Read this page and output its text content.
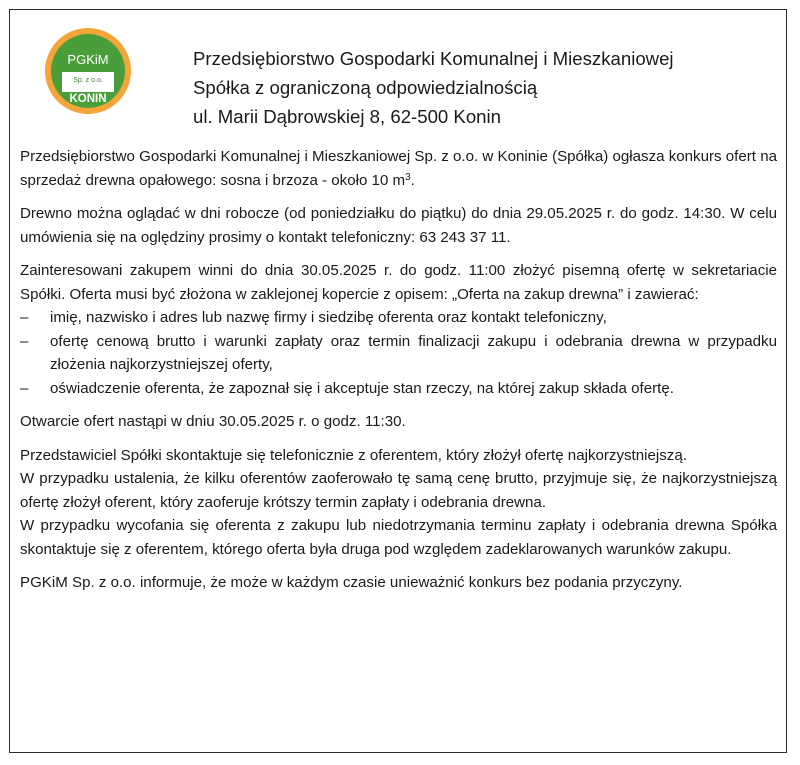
PGKiM
Sp. z o.o.
KONIN
Przedsiębiorstwo Gospodarki Komunalnej i Mieszkaniowej
Spółka z ograniczoną odpowiedzialnością
ul. Marii Dąbrowskiej 8, 62-500 Konin

Przedsiębiorstwo Gospodarki Komunalnej i Mieszkaniowej Sp. z o.o. w Koninie (Spółka) ogłasza konkurs ofert na sprzedaż drewna opałowego: sosna i brzoza - około 10 $m^3$.

Drewno można oglądać w dni robocze (od poniedziałku do piątku) do dnia 29.05.2025 r. do godz. 14:30. W celu umówienia się na oględziny prosimy o kontakt telefoniczny: 63 243 37 11.

Zainteresowani zakupem winni do dnia 30.05.2025 r. do godz. 11:00 złożyć pisemną ofertę w sekretariacie Spółki. Oferta musi być złożona w zaklejonej kopercie z opisem: „Oferta na zakup drewna” i zawierać:

– imię, nazwisko i adres lub nazwę firmy i siedzibę oferenta oraz kontakt telefoniczny,
– ofertę cenową brutto i warunki zapłaty oraz termin finalizacji zakupu i odebrania drewna w przypadku złożenia najkorzystniejszej oferty,
– oświadczenie oferenta, że zapoznał się i akceptuje stan rzeczy, na której zakup składa ofertę.

Otwarcie ofert nastąpi w dniu 30.05.2025 r. o godz. 11:30.

Przedstawiciel Spółki skontaktuje się telefonicznie z oferentem, który złożył ofertę najkorzystniejszą.

W przypadku ustalenia, że kilku oferentów zaoferowało tę samą cenę brutto, przyjmuje się, że najkorzystniejszą ofertę złożył oferent, który zaoferuje krótszy termin zapłaty i odebrania drewna.

W przypadku wycofania się oferenta z zakupu lub niedotrzymania terminu zapłaty i odebrania drewna Spółka skontaktuje się z oferentem, którego oferta była druga pod względem zadeklarowanych warunków zakupu.

PGKiM Sp. z o.o. informuje, że może w każdym czasie unieważnić konkurs bez podania przyczyny.
